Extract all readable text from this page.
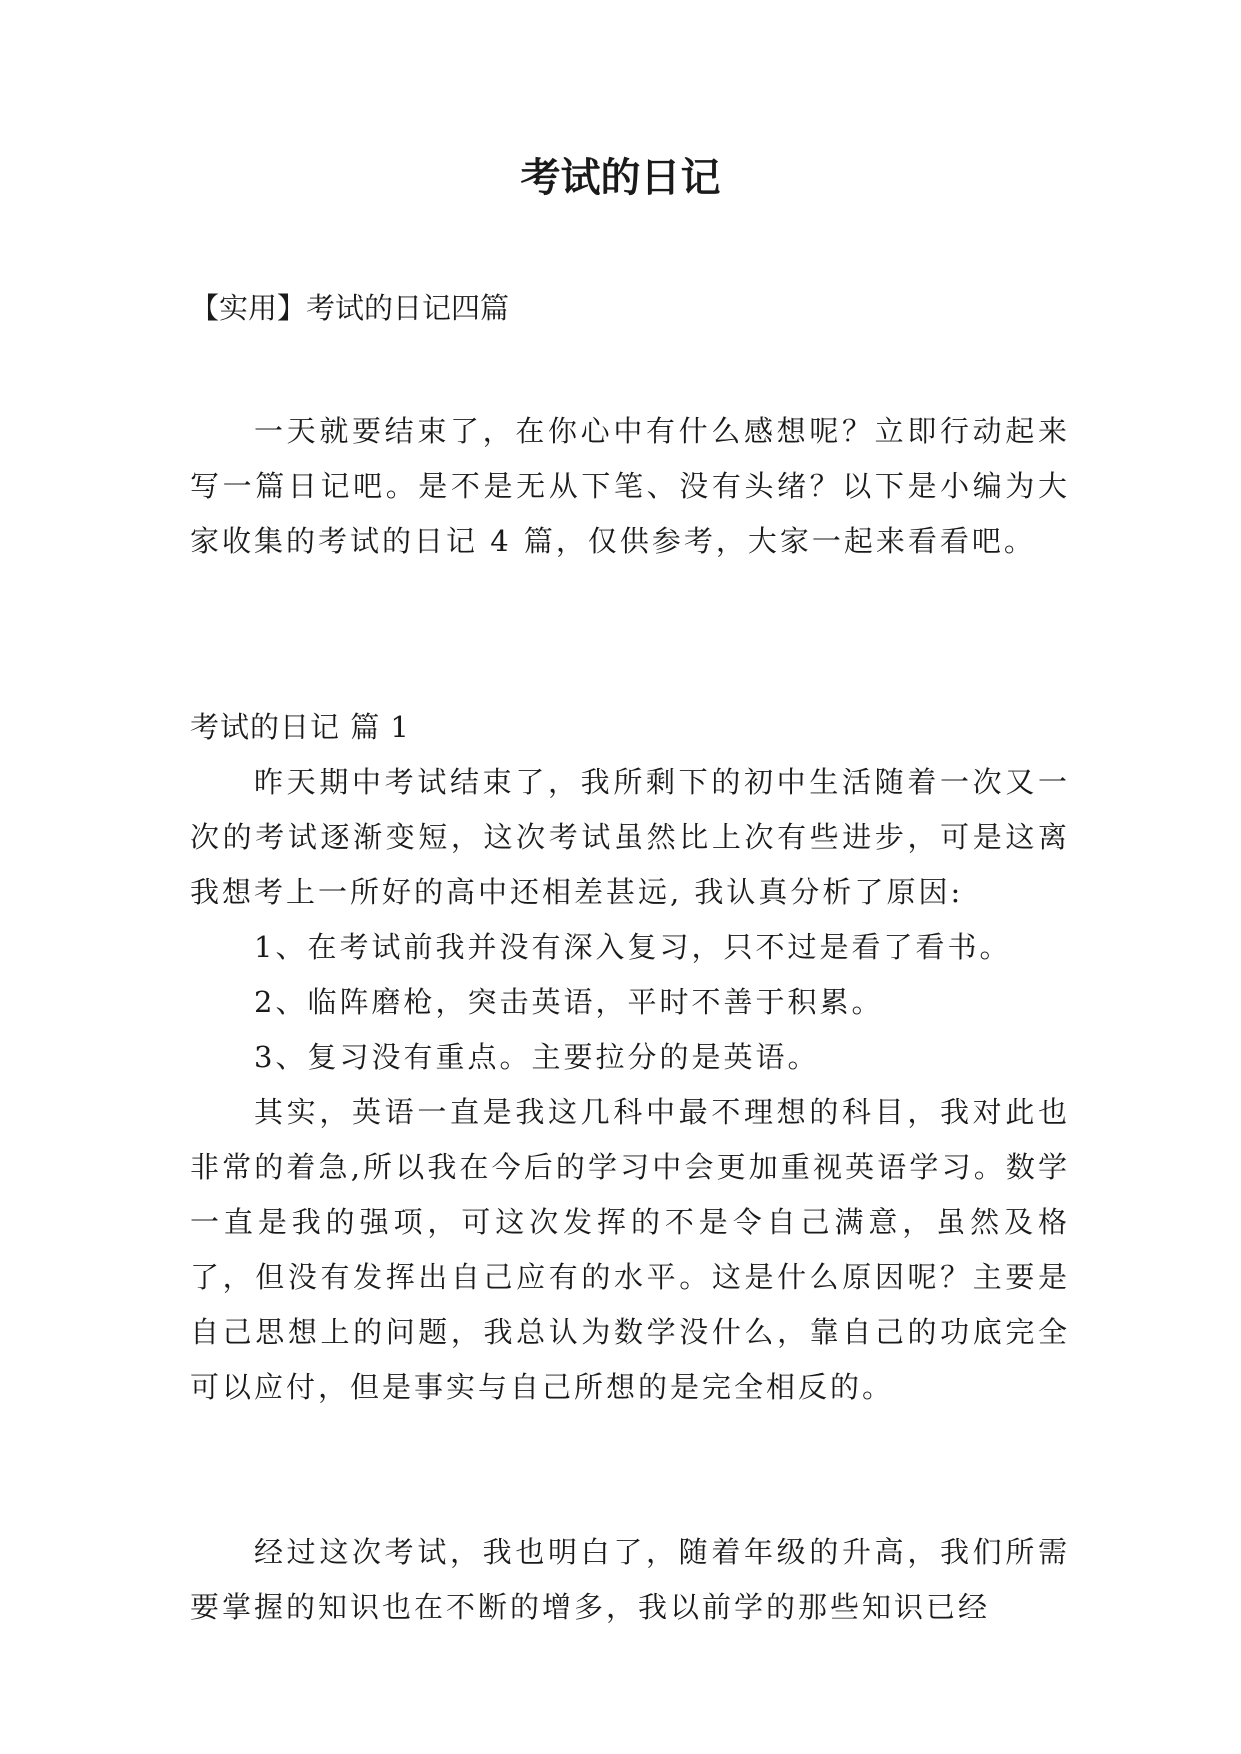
考试的日记

【实用】考试的日记四篇

一天就要结束了，在你心中有什么感想呢？立即行动起来写一篇日记吧。是不是无从下笔、没有头绪？以下是小编为大家收集的考试的日记 4 篇，仅供参考，大家一起来看看吧。

考试的日记 篇 1

昨天期中考试结束了，我所剩下的初中生活随着一次又一次的考试逐渐变短，这次考试虽然比上次有些进步，可是这离我想考上一所好的高中还相差甚远, 我认真分析了原因:

1、在考试前我并没有深入复习，只不过是看了看书。

2、临阵磨枪，突击英语，平时不善于积累。

3、复习没有重点。主要拉分的是英语。

其实，英语一直是我这几科中最不理想的科目，我对此也非常的着急,所以我在今后的学习中会更加重视英语学习。数学一直是我的强项，可这次发挥的不是令自己满意，虽然及格了，但没有发挥出自己应有的水平。这是什么原因呢？主要是自己思想上的问题，我总认为数学没什么，靠自己的功底完全可以应付，但是事实与自己所想的是完全相反的。

经过这次考试，我也明白了，随着年级的升高，我们所需要掌握的知识也在不断的增多，我以前学的那些知识已经
